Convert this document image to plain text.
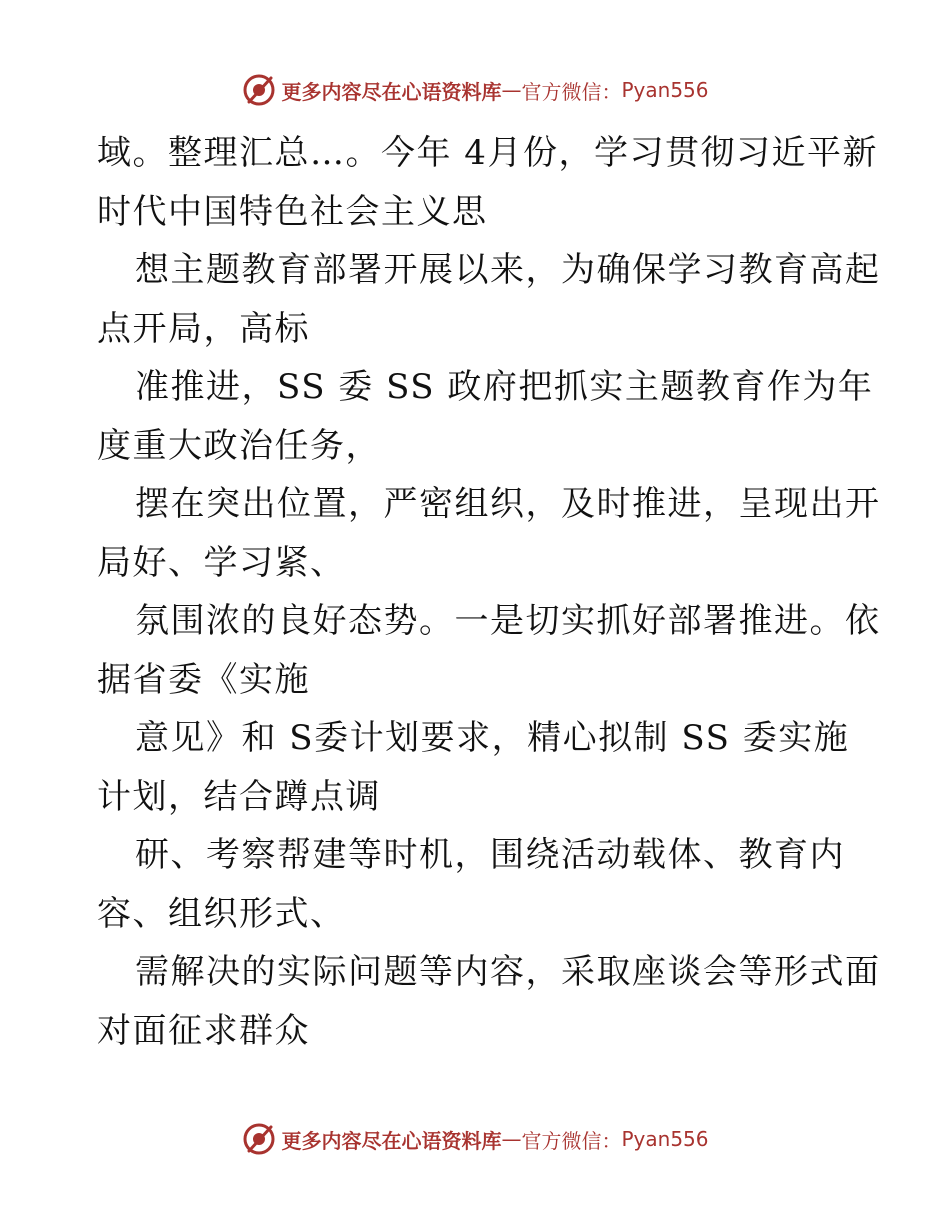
更多内容尽在心语资料库 — 官方微信： Pyan556
域。整理汇总…。今年 4月份，学习贯彻习近平新
时代中国特色社会主义思
想主题教育部署开展以来，为确保学习教育高起
点开局，高标
准推进，SS 委 SS 政府把抓实主题教育作为年
度重大政治任务，
摆在突出位置，严密组织，及时推进，呈现出开
局好、学习紧、
氛围浓的良好态势。一是切实抓好部署推进。依
据省委《实施
意见》和 S委计划要求，精心拟制 SS 委实施
计划，结合蹲点调
研、考察帮建等时机，围绕活动载体、教育内
容、组织形式、
需解决的实际问题等内容，采取座谈会等形式面
对面征求群众
更多内容尽在心语资料库 — 官方微信： Pyan556
